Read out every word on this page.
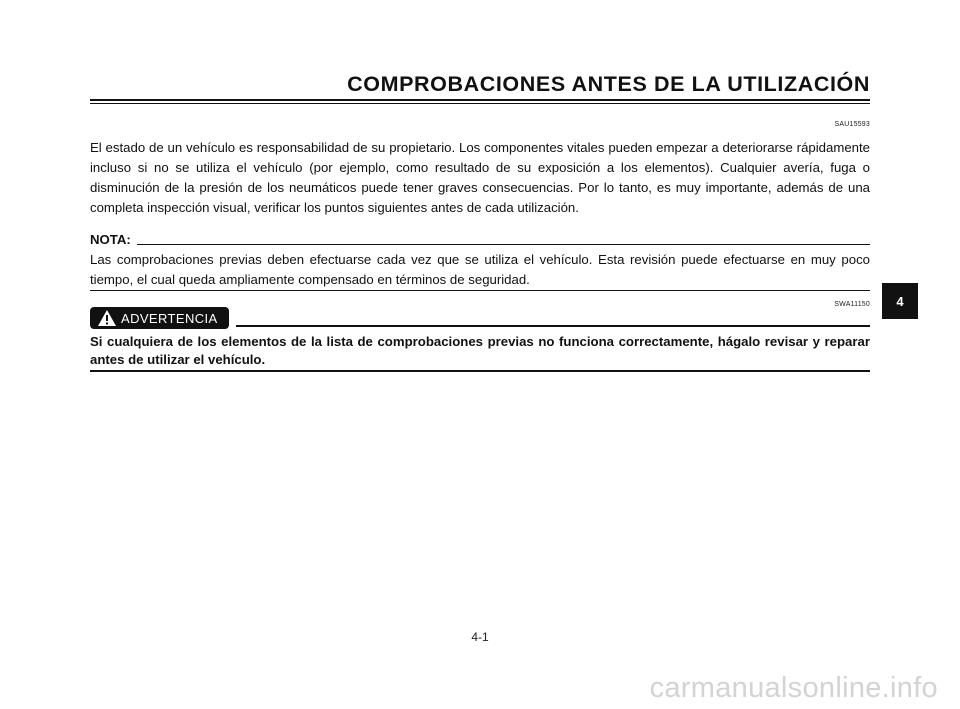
COMPROBACIONES ANTES DE LA UTILIZACIÓN
SAU15593

El estado de un vehículo es responsabilidad de su propietario. Los componentes vitales pueden empezar a deteriorarse rápidamente incluso si no se utiliza el vehículo (por ejemplo, como resultado de su exposición a los elementos). Cualquier avería, fuga o disminución de la presión de los neumáticos puede tener graves consecuencias. Por lo tanto, es muy importante, además de una completa inspección visual, verificar los puntos siguientes antes de cada utilización.

NOTA:

Las comprobaciones previas deben efectuarse cada vez que se utiliza el vehículo. Esta revisión puede efectuarse en muy poco tiempo, el cual queda ampliamente compensado en términos de seguridad.

SWA11150
ADVERTENCIA

Si cualquiera de los elementos de la lista de comprobaciones previas no funciona correctamente, hágalo revisar y reparar antes de utilizar el vehículo.

4
4-1
carmanualsonline.info
